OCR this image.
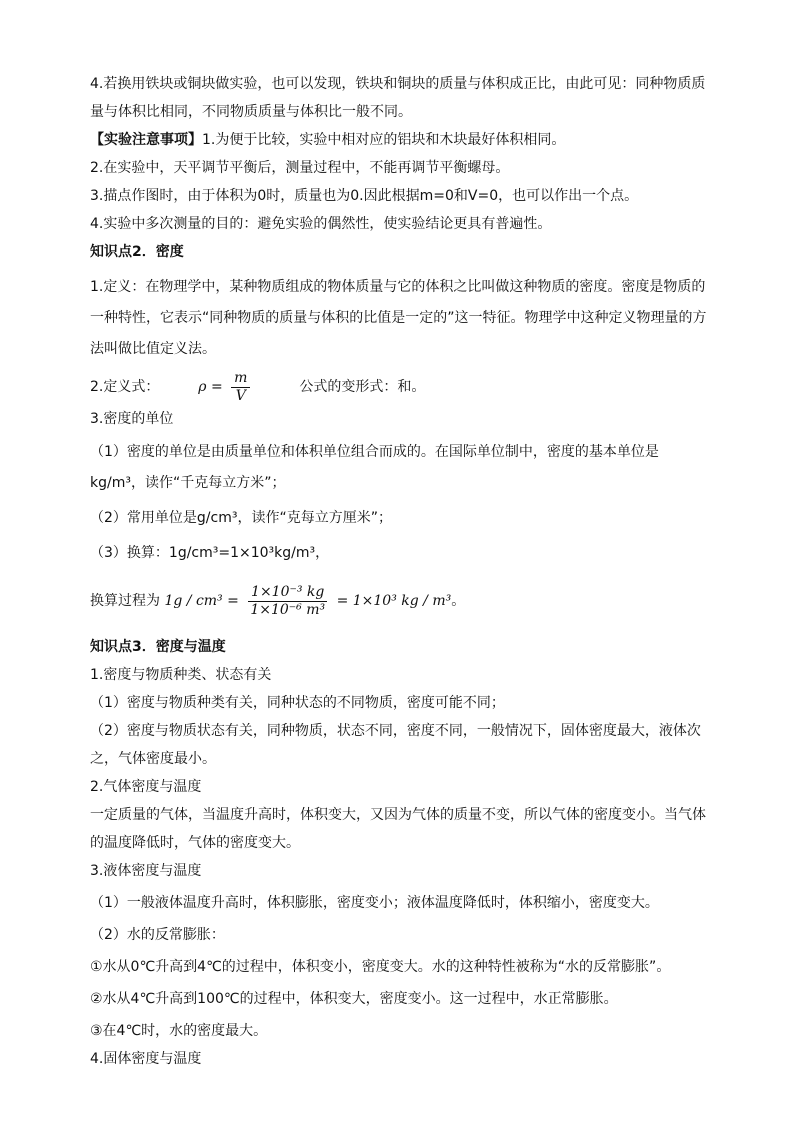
4.若换用铁块或铜块做实验，也可以发现，铁块和铜块的质量与体积成正比，由此可见：同种物质质量与体积比相同，不同物质质量与体积比一般不同。

【实验注意事项】1.为便于比较，实验中相对应的铝块和木块最好体积相同。

2.在实验中，天平调节平衡后，测量过程中，不能再调节平衡螺母。

3.描点作图时，由于体积为0时，质量也为0.因此根据m=0和V=0，也可以作出一个点。

4.实验中多次测量的目的：避免实验的偶然性，使实验结论更具有普遍性。

知识点2．密度

1.定义：在物理学中，某种物质组成的物体质量与它的体积之比叫做这种物质的密度。密度是物质的一种特性，它表示“同种物质的质量与体积的比值是一定的”这一特征。物理学中这种定义物理量的方法叫做比值定义法。

2.定义式：	$\rho = \frac{m}{V}$	公式的变形式：和。

3.密度的单位

（1）密度的单位是由质量单位和体积单位组合而成的。在国际单位制中，密度的基本单位是kg/m³，读作“千克每立方米”；

（2）常用单位是g/cm³，读作“克每立方厘米”；

（3）换算：1g/cm³=1×10³kg/m³，

换算过程为 $1g / cm^3 = \frac{\text{1×10⁻³ kg}}{\text{1×10⁻⁶ m³}} = 1\times 10^3$ kg / m³。

知识点3．密度与温度

1.密度与物质种类、状态有关

（1）密度与物质种类有关，同种状态的不同物质，密度可能不同；

（2）密度与物质状态有关，同种物质，状态不同，密度不同，一般情况下，固体密度最大，液体次之，气体密度最小。

2.气体密度与温度

一定质量的气体，当温度升高时，体积变大，又因为气体的质量不变，所以气体的密度变小。当气体的温度降低时，气体的密度变大。

3.液体密度与温度

（1）一般液体温度升高时，体积膨胀，密度变小；液体温度降低时，体积缩小，密度变大。

（2）水的反常膨胀：

①水从0℃升高到4℃的过程中，体积变小，密度变大。水的这种特性被称为“水的反常膨胀”。

②水从4℃升高到100℃的过程中，体积变大，密度变小。这一过程中，水正常膨胀。

③在4℃时，水的密度最大。

4.固体密度与温度
